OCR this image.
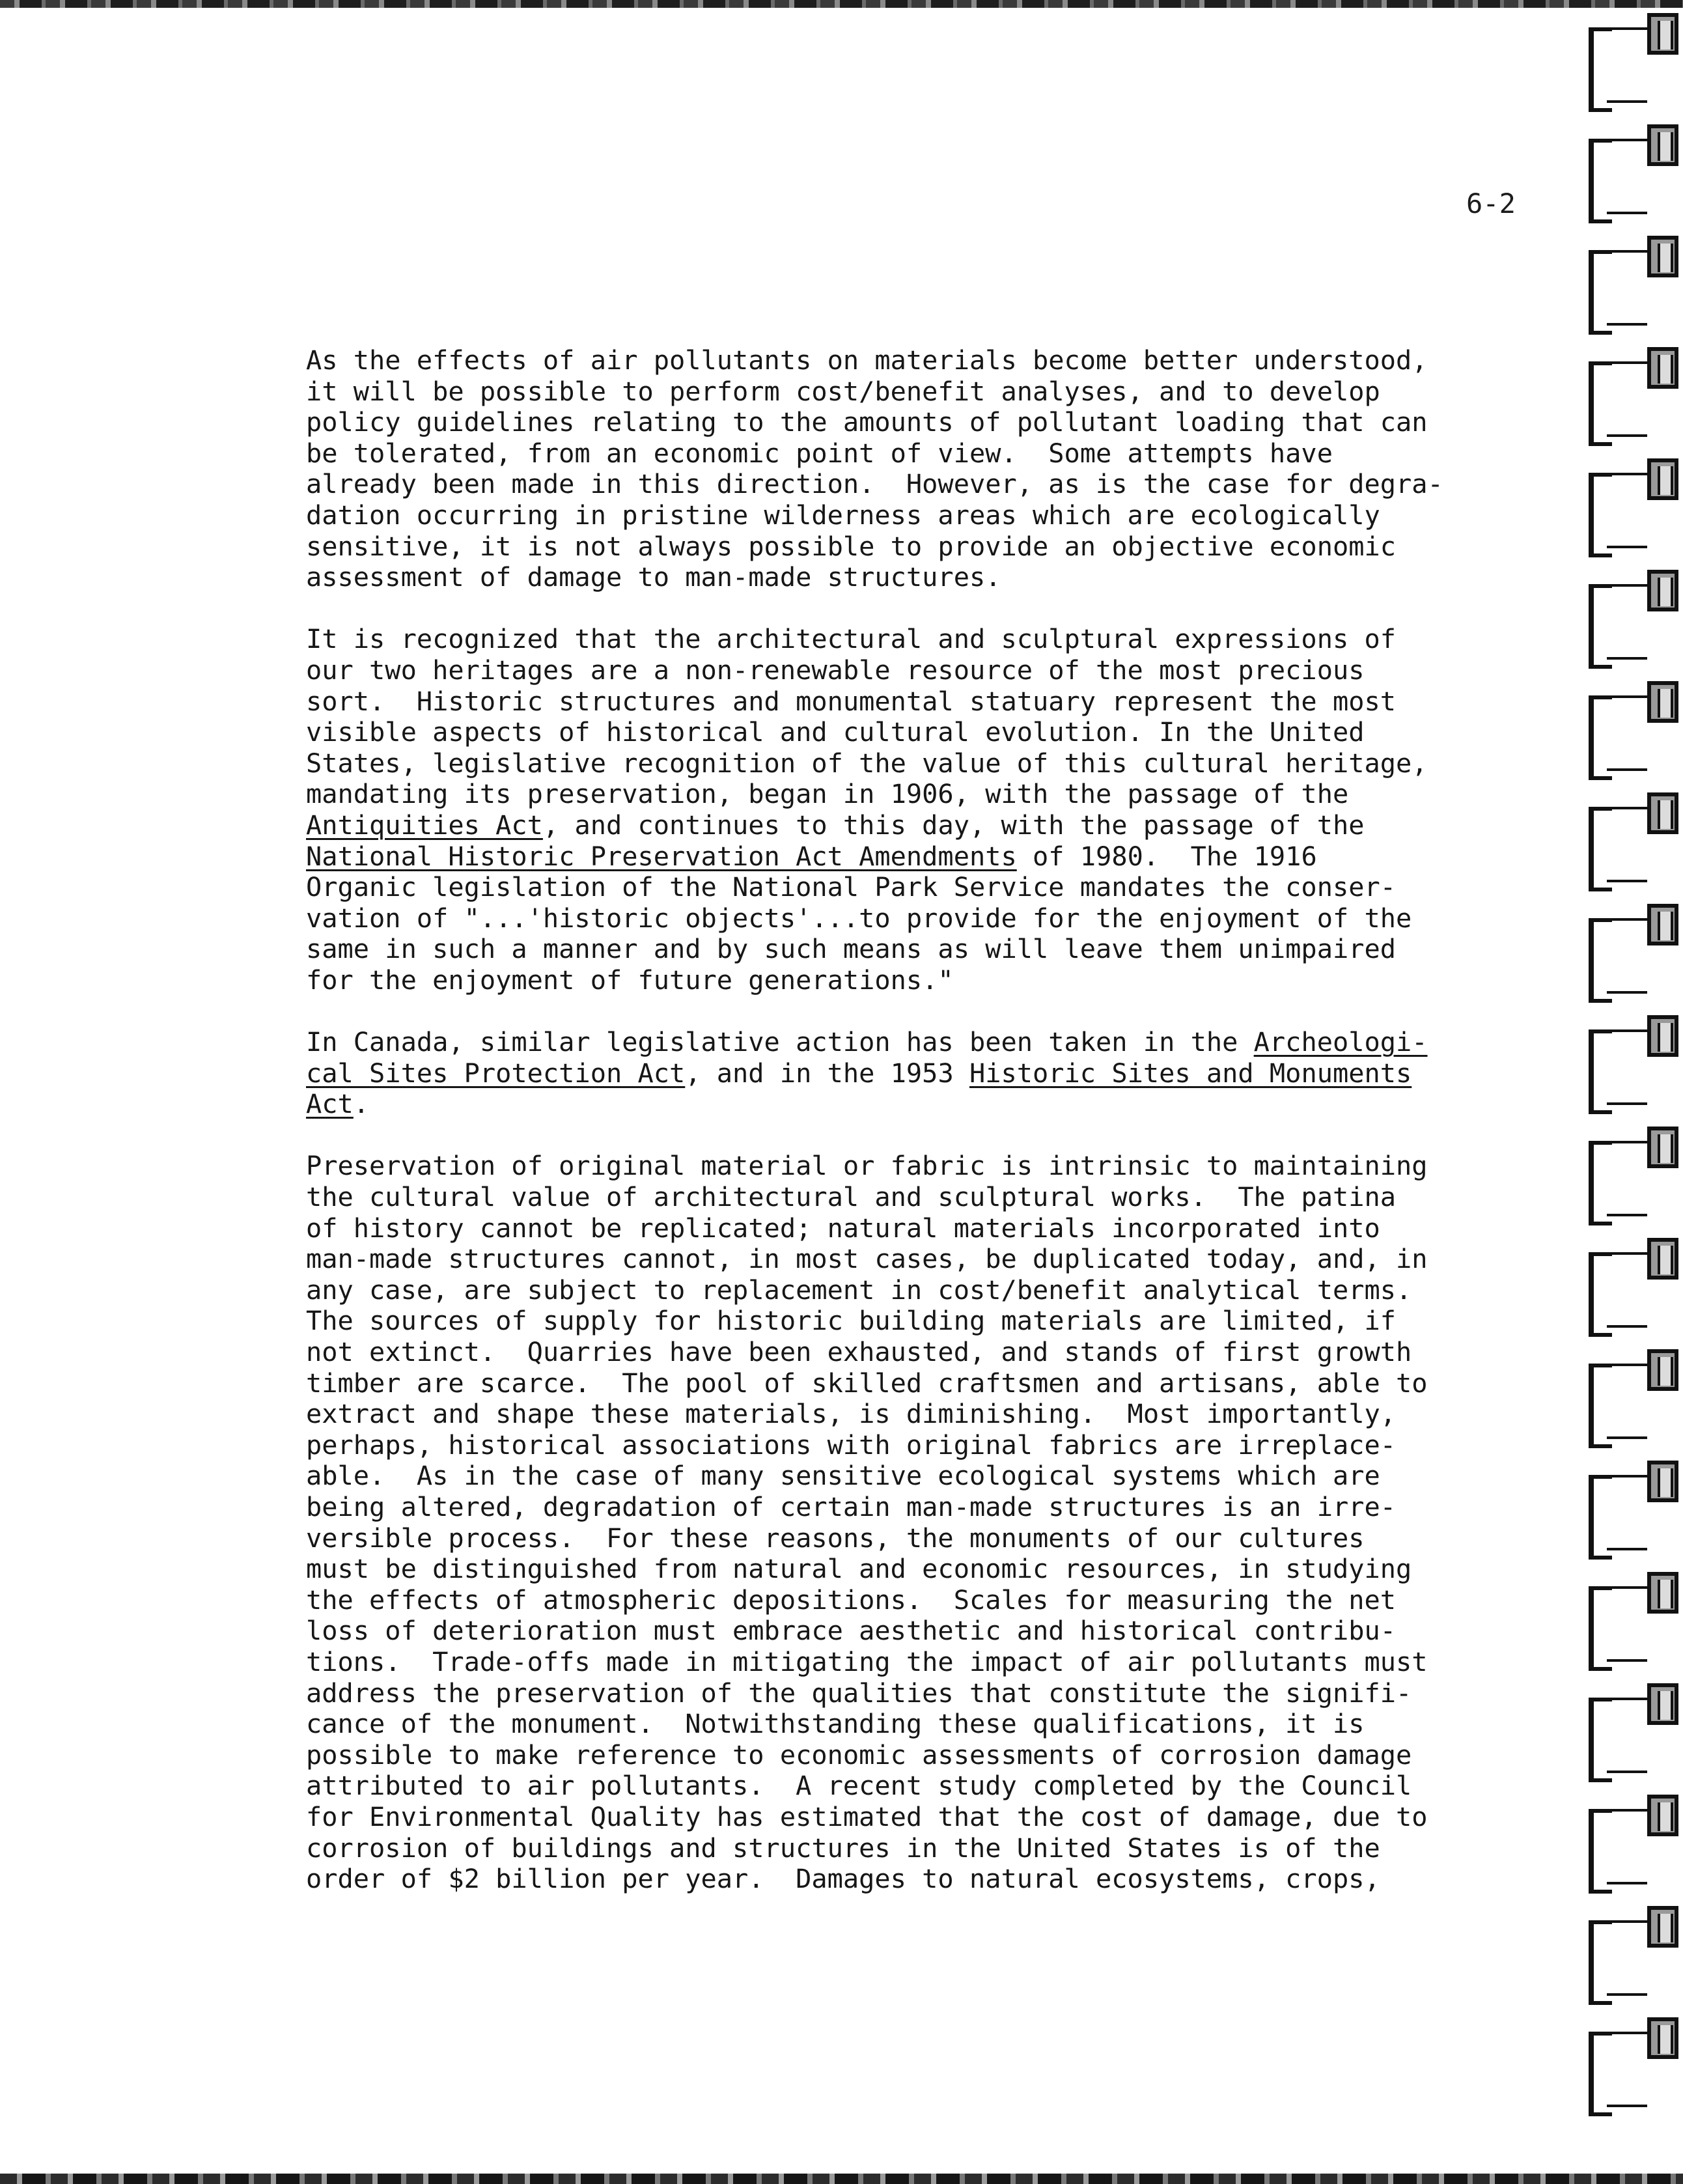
6-2

As the effects of air pollutants on materials become better understood,
it will be possible to perform cost/benefit analyses, and to develop
policy guidelines relating to the amounts of pollutant loading that can
be tolerated, from an economic point of view.  Some attempts have
already been made in this direction.  However, as is the case for degra-
dation occurring in pristine wilderness areas which are ecologically
sensitive, it is not always possible to provide an objective economic
assessment of damage to man-made structures.

It is recognized that the architectural and sculptural expressions of
our two heritages are a non-renewable resource of the most precious
sort.  Historic structures and monumental statuary represent the most
visible aspects of historical and cultural evolution. In the United
States, legislative recognition of the value of this cultural heritage,
mandating its preservation, began in 1906, with the passage of the
Antiquities Act, and continues to this day, with the passage of the
National Historic Preservation Act Amendments of 1980.  The 1916
Organic legislation of the National Park Service mandates the conser-
vation of "...'historic objects'...to provide for the enjoyment of the
same in such a manner and by such means as will leave them unimpaired
for the enjoyment of future generations."

In Canada, similar legislative action has been taken in the Archeologi-
cal Sites Protection Act, and in the 1953 Historic Sites and Monuments
Act.

Preservation of original material or fabric is intrinsic to maintaining
the cultural value of architectural and sculptural works.  The patina
of history cannot be replicated; natural materials incorporated into
man-made structures cannot, in most cases, be duplicated today, and, in
any case, are subject to replacement in cost/benefit analytical terms.
The sources of supply for historic building materials are limited, if
not extinct.  Quarries have been exhausted, and stands of first growth
timber are scarce.  The pool of skilled craftsmen and artisans, able to
extract and shape these materials, is diminishing.  Most importantly,
perhaps, historical associations with original fabrics are irreplace-
able.  As in the case of many sensitive ecological systems which are
being altered, degradation of certain man-made structures is an irre-
versible process.  For these reasons, the monuments of our cultures
must be distinguished from natural and economic resources, in studying
the effects of atmospheric depositions.  Scales for measuring the net
loss of deterioration must embrace aesthetic and historical contribu-
tions.  Trade-offs made in mitigating the impact of air pollutants must
address the preservation of the qualities that constitute the signifi-
cance of the monument.  Notwithstanding these qualifications, it is
possible to make reference to economic assessments of corrosion damage
attributed to air pollutants.  A recent study completed by the Council
for Environmental Quality has estimated that the cost of damage, due to
corrosion of buildings and structures in the United States is of the
order of $2 billion per year.  Damages to natural ecosystems, crops,
